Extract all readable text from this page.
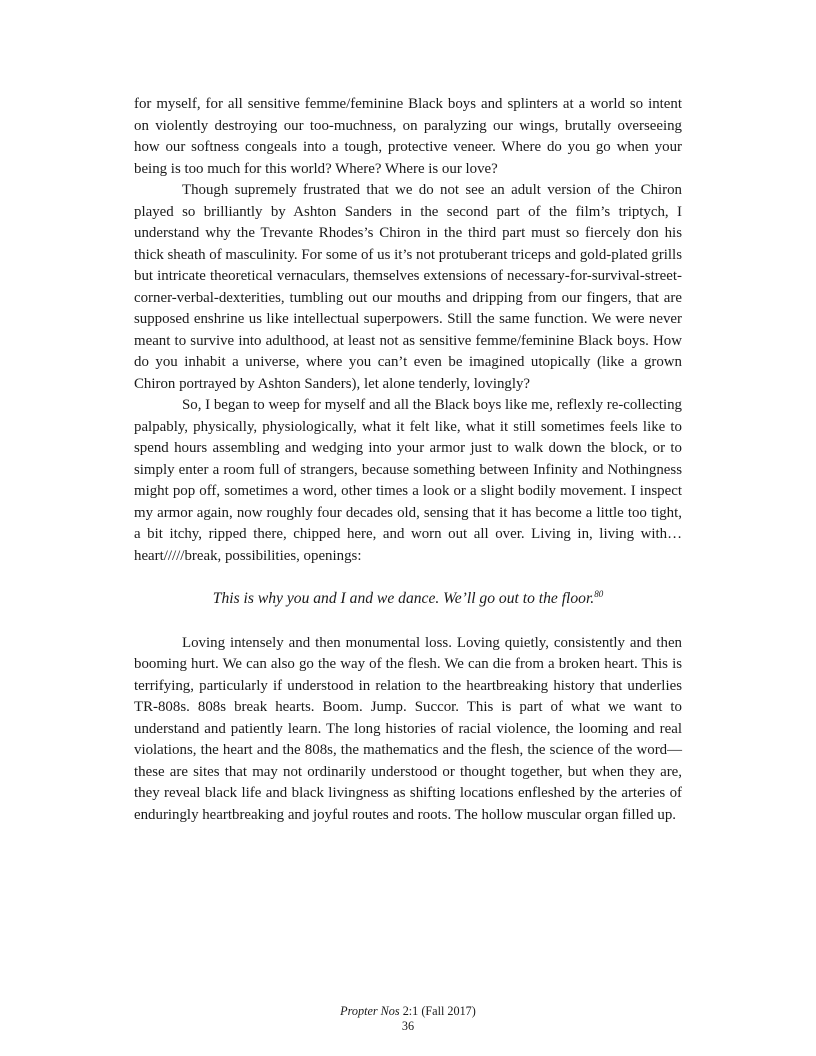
for myself, for all sensitive femme/feminine Black boys and splinters at a world so intent on violently destroying our too-muchness, on paralyzing our wings, brutally overseeing how our softness congeals into a tough, protective veneer. Where do you go when your being is too much for this world? Where? Where is our love?

Though supremely frustrated that we do not see an adult version of the Chiron played so brilliantly by Ashton Sanders in the second part of the film’s triptych, I understand why the Trevante Rhodes’s Chiron in the third part must so fiercely don his thick sheath of masculinity. For some of us it’s not protuberant triceps and gold-plated grills but intricate theoretical vernaculars, themselves extensions of necessary-for-survival-street-corner-verbal-dexterities, tumbling out our mouths and dripping from our fingers, that are supposed enshrine us like intellectual superpowers. Still the same function. We were never meant to survive into adulthood, at least not as sensitive femme/feminine Black boys. How do you inhabit a universe, where you can’t even be imagined utopically (like a grown Chiron portrayed by Ashton Sanders), let alone tenderly, lovingly?

So, I began to weep for myself and all the Black boys like me, reflexly re-collecting palpably, physically, physiologically, what it felt like, what it still sometimes feels like to spend hours assembling and wedging into your armor just to walk down the block, or to simply enter a room full of strangers, because something between Infinity and Nothingness might pop off, sometimes a word, other times a look or a slight bodily movement. I inspect my armor again, now roughly four decades old, sensing that it has become a little too tight, a bit itchy, ripped there, chipped here, and worn out all over. Living in, living with…heart/////break, possibilities, openings:

This is why you and I and we dance. We’ll go out to the floor.$^{80}$

Loving intensely and then monumental loss. Loving quietly, consistently and then booming hurt. We can also go the way of the flesh. We can die from a broken heart. This is terrifying, particularly if understood in relation to the heartbreaking history that underlies TR-808s. 808s break hearts. Boom. Jump. Succor. This is part of what we want to understand and patiently learn. The long histories of racial violence, the looming and real violations, the heart and the 808s, the mathematics and the flesh, the science of the word—these are sites that may not ordinarily understood or thought together, but when they are, they reveal black life and black livingness as shifting locations enfleshed by the arteries of enduringly heartbreaking and joyful routes and roots. The hollow muscular organ filled up.

Propter Nos 2:1 (Fall 2017)
36
